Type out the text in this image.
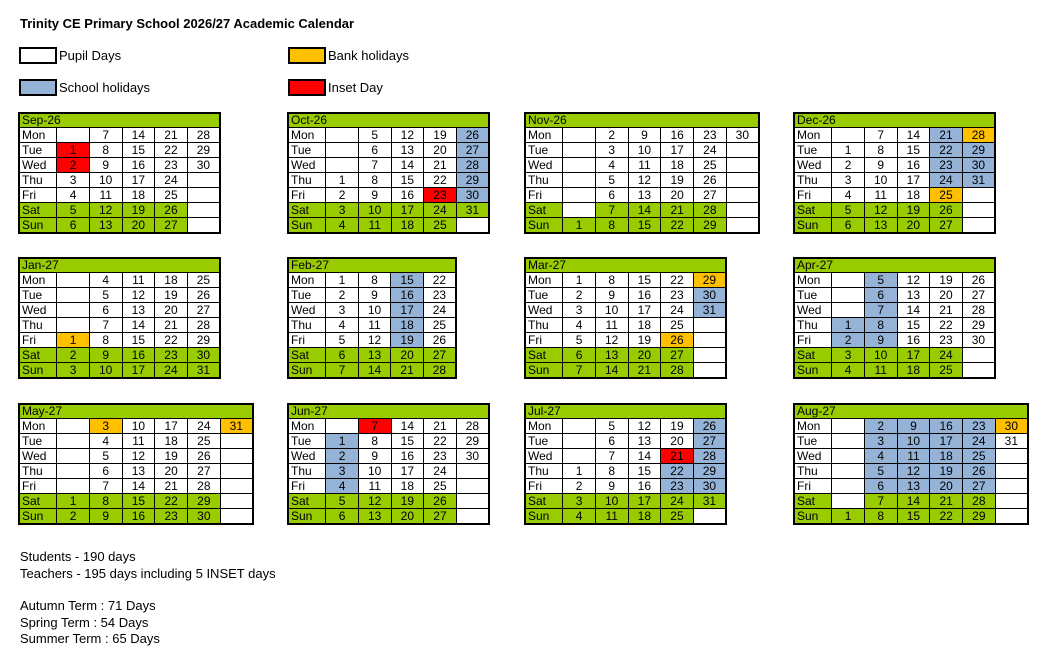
Trinity CE Primary School 2026/27 Academic Calendar
Pupil Days	Bank holidays
School holidays	Inset Day
Sep-26					
Mon		7	14	21	28
Tue	1	8	15	22	29
Wed	2	9	16	23	30
Thu	3	10	17	24	
Fri	4	11	18	25	
Sat	5	12	19	26	
Sun	6	13	20	27	
Oct-26					
Mon		5	12	19	26
Tue		6	13	20	27
Wed		7	14	21	28
Thu	1	8	15	22	29
Fri	2	9	16	23	30
Sat	3	10	17	24	31
Sun	4	11	18	25	
Nov-26						
Mon		2	9	16	23	30
Tue		3	10	17	24	
Wed		4	11	18	25	
Thu		5	12	19	26	
Fri		6	13	20	27	
Sat		7	14	21	28	
Sun	1	8	15	22	29	
Dec-26					
Mon		7	14	21	28
Tue	1	8	15	22	29
Wed	2	9	16	23	30
Thu	3	10	17	24	31
Fri	4	11	18	25	
Sat	5	12	19	26	
Sun	6	13	20	27	
Jan-27					
Mon		4	11	18	25
Tue		5	12	19	26
Wed		6	13	20	27
Thu		7	14	21	28
Fri	1	8	15	22	29
Sat	2	9	16	23	30
Sun	3	10	17	24	31
Feb-27				
Mon	1	8	15	22
Tue	2	9	16	23
Wed	3	10	17	24
Thu	4	11	18	25
Fri	5	12	19	26
Sat	6	13	20	27
Sun	7	14	21	28
Mar-27					
Mon	1	8	15	22	29
Tue	2	9	16	23	30
Wed	3	10	17	24	31
Thu	4	11	18	25	
Fri	5	12	19	26	
Sat	6	13	20	27	
Sun	7	14	21	28	
Apr-27					
Mon		5	12	19	26
Tue		6	13	20	27
Wed		7	14	21	28
Thu	1	8	15	22	29
Fri	2	9	16	23	30
Sat	3	10	17	24	
Sun	4	11	18	25	
May-27						
Mon		3	10	17	24	31
Tue		4	11	18	25	
Wed		5	12	19	26	
Thu		6	13	20	27	
Fri		7	14	21	28	
Sat	1	8	15	22	29	
Sun	2	9	16	23	30	
Jun-27					
Mon		7	14	21	28
Tue	1	8	15	22	29
Wed	2	9	16	23	30
Thu	3	10	17	24	
Fri	4	11	18	25	
Sat	5	12	19	26	
Sun	6	13	20	27	
Jul-27					
Mon		5	12	19	26
Tue		6	13	20	27
Wed		7	14	21	28
Thu	1	8	15	22	29
Fri	2	9	16	23	30
Sat	3	10	17	24	31
Sun	4	11	18	25	
Aug-27						
Mon		2	9	16	23	30
Tue		3	10	17	24	31
Wed		4	11	18	25	
Thu		5	12	19	26	
Fri		6	13	20	27	
Sat		7	14	21	28	
Sun	1	8	15	22	29	
Students - 190 days
Teachers - 195 days including 5 INSET days
Autumn Term : 71 Days
Spring Term : 54 Days
Summer Term : 65 Days
